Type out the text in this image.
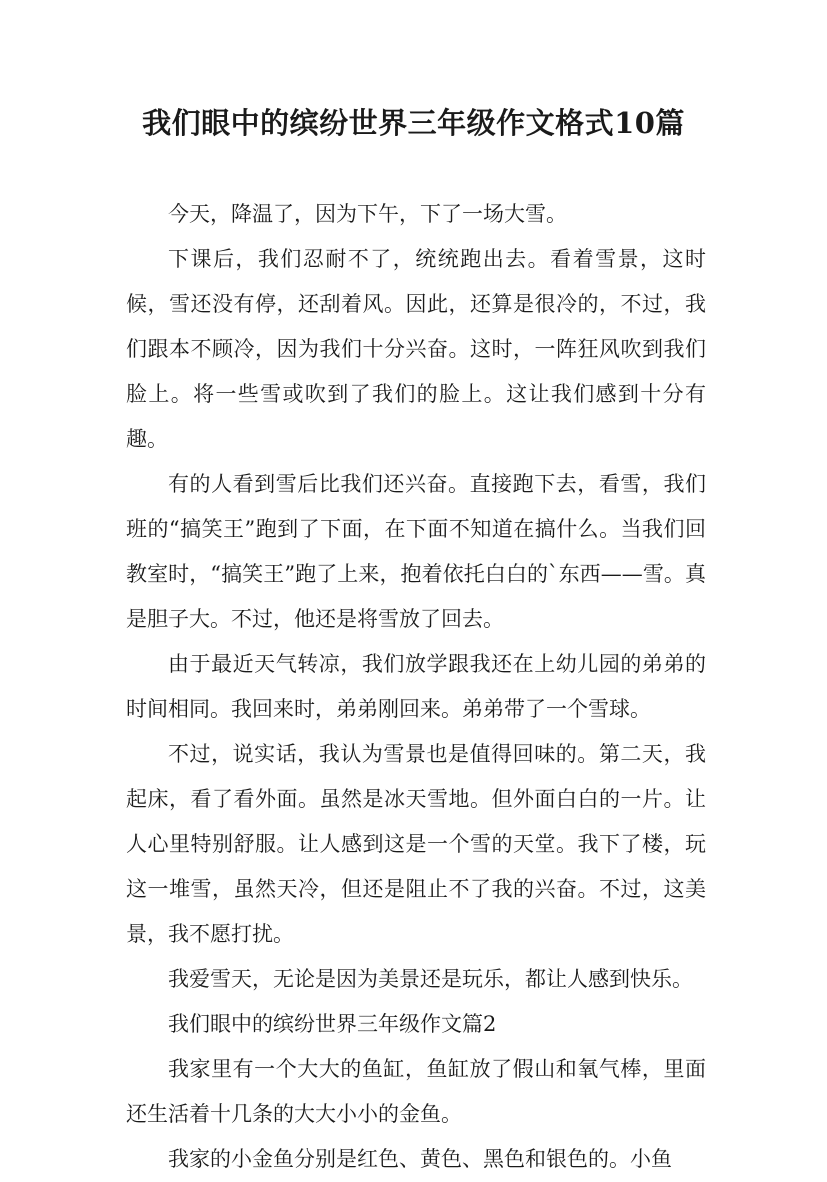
我们眼中的缤纷世界三年级作文格式10篇

今天，降温了，因为下午，下了一场大雪。

下课后，我们忍耐不了，统统跑出去。看着雪景，这时候，雪还没有停，还刮着风。因此，还算是很冷的，不过，我们跟本不顾冷，因为我们十分兴奋。这时，一阵狂风吹到我们脸上。将一些雪或吹到了我们的脸上。这让我们感到十分有趣。

有的人看到雪后比我们还兴奋。直接跑下去，看雪，我们班的“搞笑王”跑到了下面，在下面不知道在搞什么。当我们回教室时，“搞笑王”跑了上来，抱着依托白白的`东西——雪。真是胆子大。不过，他还是将雪放了回去。

由于最近天气转凉，我们放学跟我还在上幼儿园的弟弟的时间相同。我回来时，弟弟刚回来。弟弟带了一个雪球。

不过，说实话，我认为雪景也是值得回味的。第二天，我起床，看了看外面。虽然是冰天雪地。但外面白白的一片。让人心里特别舒服。让人感到这是一个雪的天堂。我下了楼，玩这一堆雪，虽然天冷，但还是阻止不了我的兴奋。不过，这美景，我不愿打扰。

我爱雪天，无论是因为美景还是玩乐，都让人感到快乐。

我们眼中的缤纷世界三年级作文篇2

我家里有一个大大的鱼缸，鱼缸放了假山和氧气棒，里面还生活着十几条的大大小小的金鱼。

我家的小金鱼分别是红色、黄色、黑色和银色的。小鱼
